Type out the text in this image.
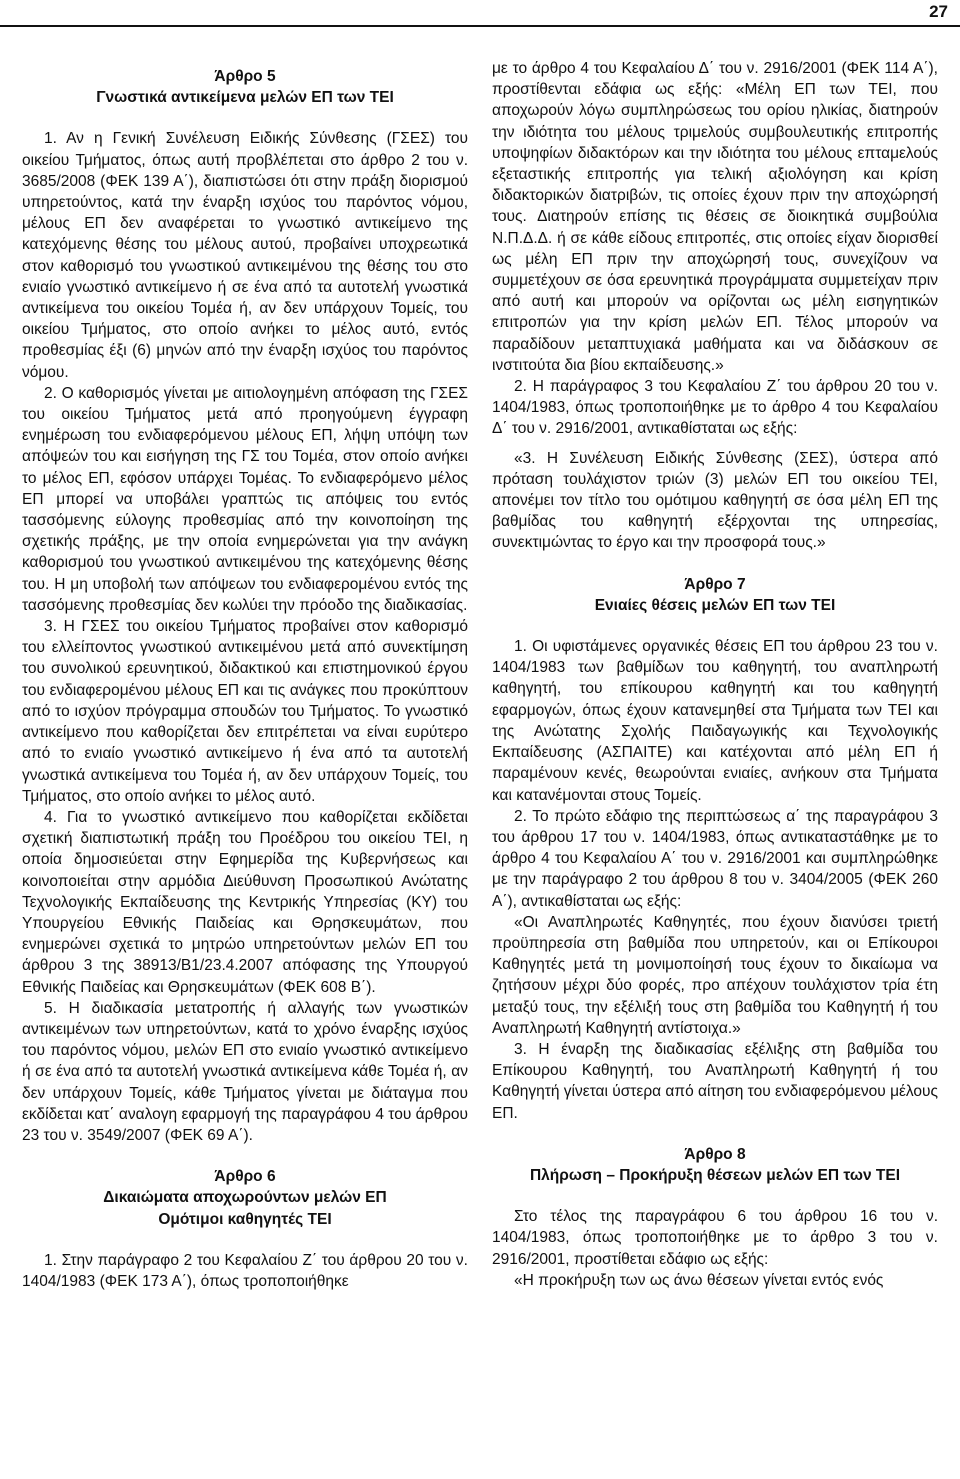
27

Άρθρο 5

Γνωστικά αντικείμενα μελών ΕΠ των ΤΕΙ

1. Αν η Γενική Συνέλευση Ειδικής Σύνθεσης (ΓΣΕΣ) του οικείου Τμήματος, όπως αυτή προβλέπεται στο άρθρο 2 του ν. 3685/2008 (ΦΕΚ 139 Α΄), διαπιστώσει ότι στην πράξη διορισμού υπηρετούντος, κατά την έναρξη ισχύος του παρόντος νόμου, μέλους ΕΠ δεν αναφέρεται το γνωστικό αντικείμενο της κατεχόμενης θέσης του μέλους αυτού, προβαίνει υποχρεωτικά στον καθορισμό του γνωστικού αντικειμένου της θέσης του στο ενιαίο γνωστικό αντικείμενο ή σε ένα από τα αυτοτελή γνωστικά αντικείμενα του οικείου Τομέα ή, αν δεν υπάρχουν Τομείς, του οικείου Τμήματος, στο οποίο ανήκει το μέλος αυτό, εντός προθεσμίας έξι (6) μηνών από την έναρξη ισχύος του παρόντος νόμου.

2. Ο καθορισμός γίνεται με αιτιολογημένη απόφαση της ΓΣΕΣ του οικείου Τμήματος μετά από προηγούμενη έγγραφη ενημέρωση του ενδιαφερόμενου μέλους ΕΠ, λήψη υπόψη των απόψεών του και εισήγηση της ΓΣ του Τομέα, στον οποίο ανήκει το μέλος ΕΠ, εφόσον υπάρχει Τομέας. Το ενδιαφερόμενο μέλος ΕΠ μπορεί να υποβάλει γραπτώς τις απόψεις του εντός τασσόμενης εύλογης προθεσμίας από την κοινοποίηση της σχετικής πράξης, με την οποία ενημερώνεται για την ανάγκη καθορισμού του γνωστικού αντικειμένου της κατεχόμενης θέσης του. Η μη υποβολή των απόψεων του ενδιαφερομένου εντός της τασσόμενης προθεσμίας δεν κωλύει την πρόοδο της διαδικασίας.

3. Η ΓΣΕΣ του οικείου Τμήματος προβαίνει στον καθορισμό του ελλείποντος γνωστικού αντικειμένου μετά από συνεκτίμηση του συνολικού ερευνητικού, διδακτικού και επιστημονικού έργου του ενδιαφερομένου μέλους ΕΠ και τις ανάγκες που προκύπτουν από το ισχύον πρόγραμμα σπουδών του Τμήματος. Το γνωστικό αντικείμενο που καθορίζεται δεν επιτρέπεται να είναι ευρύτερο από το ενιαίο γνωστικό αντικείμενο ή ένα από τα αυτοτελή γνωστικά αντικείμενα του Τομέα ή, αν δεν υπάρχουν Τομείς, του Τμήματος, στο οποίο ανήκει το μέλος αυτό.

4. Για το γνωστικό αντικείμενο που καθορίζεται εκδίδεται σχετική διαπιστωτική πράξη του Προέδρου του οικείου ΤΕΙ, η οποία δημοσιεύεται στην Εφημερίδα της Κυβερνήσεως και κοινοποιείται στην αρμόδια Διεύθυνση Προσωπικού Ανώτατης Τεχνολογικής Εκπαίδευσης της Κεντρικής Υπηρεσίας (ΚΥ) του Υπουργείου Εθνικής Παιδείας και Θρησκευμάτων, που ενημερώνει σχετικά το μητρώο υπηρετούντων μελών ΕΠ του άρθρου 3 της 38913/Β1/23.4.2007 απόφασης της Υπουργού Εθνικής Παιδείας και Θρησκευμάτων (ΦΕΚ 608 Β΄).

5. Η διαδικασία μετατροπής ή αλλαγής των γνωστικών αντικειμένων των υπηρετούντων, κατά το χρόνο έναρξης ισχύος του παρόντος νόμου, μελών ΕΠ στο ενιαίο γνωστικό αντικείμενο ή σε ένα από τα αυτοτελή γνωστικά αντικείμενα κάθε Τομέα ή, αν δεν υπάρχουν Τομείς, κάθε Τμήματος γίνεται με διάταγμα που εκδίδεται κατ΄ αναλογη εφαρμογή της παραγράφου 4 του άρθρου 23 του ν. 3549/2007 (ΦΕΚ 69 Α΄).

Άρθρο 6

Δικαιώματα αποχωρούντων μελών ΕΠ

Ομότιμοι καθηγητές ΤΕΙ

1. Στην παράγραφο 2 του Κεφαλαίου Ζ΄ του άρθρου 20 του ν. 1404/1983 (ΦΕΚ 173 Α΄), όπως τροποποιήθηκε

με το άρθρο 4 του Κεφαλαίου Δ΄ του ν. 2916/2001 (ΦΕΚ 114 Α΄), προστίθενται εδάφια ως εξής: «Μέλη ΕΠ των ΤΕΙ, που αποχωρούν λόγω συμπληρώσεως του ορίου ηλικίας, διατηρούν την ιδιότητα του μέλους τριμελούς συμβουλευτικής επιτροπής υποψηφίων διδακτόρων και την ιδιότητα του μέλους επταμελούς εξεταστικής επιτροπής για τελική αξιολόγηση και κρίση διδακτορικών διατριβών, τις οποίες έχουν πριν την αποχώρησή τους. Διατηρούν επίσης τις θέσεις σε διοικητικά συμβούλια Ν.Π.Δ.Δ. ή σε κάθε είδους επιτροπές, στις οποίες είχαν διορισθεί ως μέλη ΕΠ πριν την αποχώρησή τους, συνεχίζουν να συμμετέχουν σε όσα ερευνητικά προγράμματα συμμετείχαν πριν από αυτή και μπορούν να ορίζονται ως μέλη εισηγητικών επιτροπών για την κρίση μελών ΕΠ. Τέλος μπορούν να παραδίδουν μεταπτυχιακά μαθήματα και να διδάσκουν σε ινστιτούτα δια βίου εκπαίδευσης.»

2. Η παράγραφος 3 του Κεφαλαίου Ζ΄ του άρθρου 20 του ν. 1404/1983, όπως τροποποιήθηκε με το άρθρο 4 του Κεφαλαίου Δ΄ του ν. 2916/2001, αντικαθίσταται ως εξής:

«3. Η Συνέλευση Ειδικής Σύνθεσης (ΣΕΣ), ύστερα από πρόταση τουλάχιστον τριών (3) μελών ΕΠ του οικείου ΤΕΙ, απονέμει τον τίτλο του ομότιμου καθηγητή σε όσα μέλη ΕΠ της βαθμίδας του καθηγητή εξέρχονται της υπηρεσίας, συνεκτιμώντας το έργο και την προσφορά τους.»

Άρθρο 7

Ενιαίες θέσεις μελών ΕΠ των ΤΕΙ

1. Οι υφιστάμενες οργανικές θέσεις ΕΠ του άρθρου 23 του ν. 1404/1983 των βαθμίδων του καθηγητή, του αναπληρωτή καθηγητή, του επίκουρου καθηγητή και του καθηγητή εφαρμογών, όπως έχουν κατανεμηθεί στα Τμήματα των ΤΕΙ και της Ανώτατης Σχολής Παιδαγωγικής και Τεχνολογικής Εκπαίδευσης (ΑΣΠΑΙΤΕ) και κατέχονται από μέλη ΕΠ ή παραμένουν κενές, θεωρούνται ενιαίες, ανήκουν στα Τμήματα και κατανέμονται στους Τομείς.

2. Το πρώτο εδάφιο της περιπτώσεως α΄ της παραγράφου 3 του άρθρου 17 του ν. 1404/1983, όπως αντικαταστάθηκε με το άρθρο 4 του Κεφαλαίου Α΄ του ν. 2916/2001 και συμπληρώθηκε με την παράγραφο 2 του άρθρου 8 του ν. 3404/2005 (ΦΕΚ 260 Α΄), αντικαθίσταται ως εξής:

«Οι Αναπληρωτές Καθηγητές, που έχουν διανύσει τριετή προϋπηρεσία στη βαθμίδα που υπηρετούν, και οι Επίκουροι Καθηγητές μετά τη μονιμοποίησή τους έχουν το δικαίωμα να ζητήσουν μέχρι δύο φορές, προ απέχουν τουλάχιστον τρία έτη μεταξύ τους, την εξέλιξή τους στη βαθμίδα του Καθηγητή ή του Αναπληρωτή Καθηγητή αντίστοιχα.»

3. Η έναρξη της διαδικασίας εξέλιξης στη βαθμίδα του Επίκουρου Καθηγητή, του Αναπληρωτή Καθηγητή ή του Καθηγητή γίνεται ύστερα από αίτηση του ενδιαφερόμενου μέλους ΕΠ.

Άρθρο 8

Πλήρωση – Προκήρυξη θέσεων μελών ΕΠ των ΤΕΙ

Στο τέλος της παραγράφου 6 του άρθρου 16 του ν. 1404/1983, όπως τροποποιήθηκε με το άρθρο 3 του ν. 2916/2001, προστίθεται εδάφιο ως εξής:

«Η προκήρυξη των ως άνω θέσεων γίνεται εντός ενός
